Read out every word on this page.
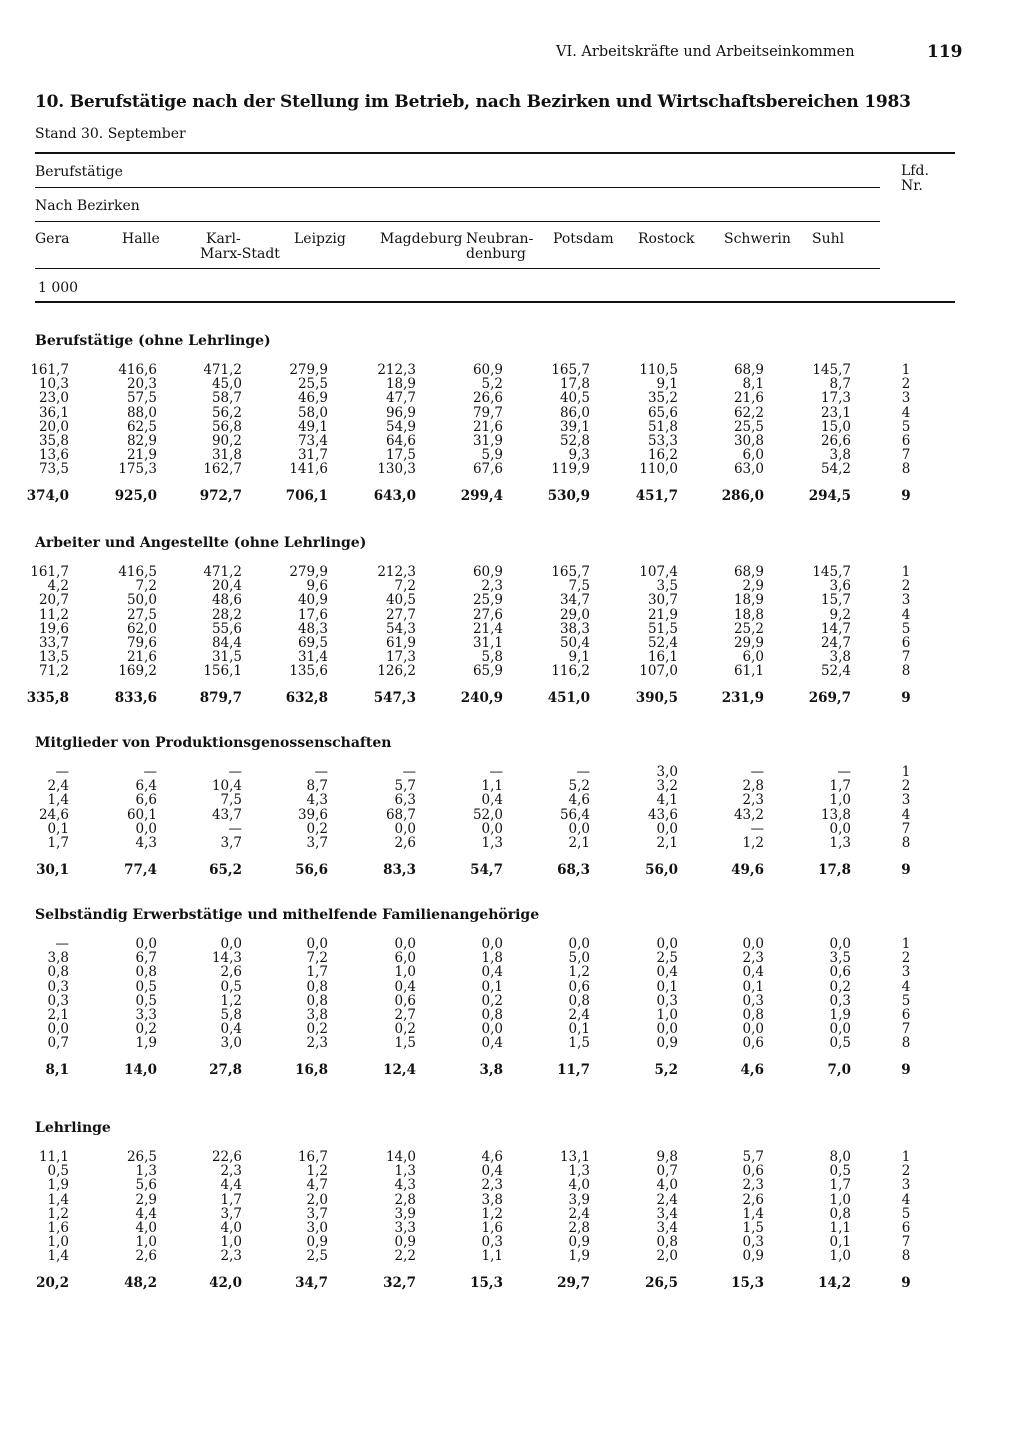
VI. Arbeitskräfte und Arbeitseinkommen	119
10. Berufstätige nach der Stellung im Betrieb, nach Bezirken und Wirtschaftsbereichen 1983
Stand 30. September
Berufstätige	Lfd.
Nr.
Nach Bezirken
Gera	Halle	Karl-
Marx-Stadt
Leipzig Magdeburg Neubran-
denburg
Potsdam Rostock Schwerin Suhl
1 000
Berufstätige (ohne Lehrlinge)
161,7	416,6	471,2	279,9	212,3	60,9	165,7	110,5	68,9	145,7	1
10,3	20,3	45,0	25,5	18,9	5,2	17,8	9,1	8,1	8,7	2
23,0	57,5	58,7	46,9	47,7	26,6	40,5	35,2	21,6	17,3	3
36,1	88,0	56,2	58,0	96,9	79,7	86,0	65,6	62,2	23,1	4
20,0	62,5	56,8	49,1	54,9	21,6	39,1	51,8	25,5	15,0	5
35,8	82,9	90,2	73,4	64,6	31,9	52,8	53,3	30,8	26,6	6
13,6	21,9	31,8	31,7	17,5	5,9	9,3	16,2	6,0	3,8	7
73,5	175,3	162,7	141,6	130,3	67,6	119,9	110,0	63,0	54,2	8
374,0	925,0	972,7	706,1	643,0	299,4	530,9	451,7	286,0	294,5	9
Arbeiter und Angestellte (ohne Lehrlinge)
161,7	416,5	471,2	279,9	212,3	60,9	165,7	107,4	68,9	145,7	1
4,2	7,2	20,4	9,6	7,2	2,3	7,5	3,5	2,9	3,6	2
20,7	50,0	48,6	40,9	40,5	25,9	34,7	30,7	18,9	15,7	3
11,2	27,5	28,2	17,6	27,7	27,6	29,0	21,9	18,8	9,2	4
19,6	62,0	55,6	48,3	54,3	21,4	38,3	51,5	25,2	14,7	5
33,7	79,6	84,4	69,5	61,9	31,1	50,4	52,4	29,9	24,7	6
13,5	21,6	31,5	31,4	17,3	5,8	9,1	16,1	6,0	3,8	7
71,2	169,2	156,1	135,6	126,2	65,9	116,2	107,0	61,1	52,4	8
335,8	833,6	879,7	632,8	547,3	240,9	451,0	390,5	231,9	269,7	9
Mitglieder von Produktionsgenossenschaften
—	—	—	—	—	—	—	3,0	—	—	1
2,4	6,4	10,4	8,7	5,7	1,1	5,2	3,2	2,8	1,7	2
1,4	6,6	7,5	4,3	6,3	0,4	4,6	4,1	2,3	1,0	3
24,6	60,1	43,7	39,6	68,7	52,0	56,4	43,6	43,2	13,8	4
0,1	0,0	—	0,2	0,0	0,0	0,0	0,0	—	0,0	7
1,7	4,3	3,7	3,7	2,6	1,3	2,1	2,1	1,2	1,3	8
30,1	77,4	65,2	56,6	83,3	54,7	68,3	56,0	49,6	17,8	9
Selbständig Erwerbstätige und mithelfende Familienangehörige
—	0,0	0,0	0,0	0,0	0,0	0,0	0,0	0,0	0,0	1
3,8	6,7	14,3	7,2	6,0	1,8	5,0	2,5	2,3	3,5	2
0,8	0,8	2,6	1,7	1,0	0,4	1,2	0,4	0,4	0,6	3
0,3	0,5	0,5	0,8	0,4	0,1	0,6	0,1	0,1	0,2	4
0,3	0,5	1,2	0,8	0,6	0,2	0,8	0,3	0,3	0,3	5
2,1	3,3	5,8	3,8	2,7	0,8	2,4	1,0	0,8	1,9	6
0,0	0,2	0,4	0,2	0,2	0,0	0,1	0,0	0,0	0,0	7
0,7	1,9	3,0	2,3	1,5	0,4	1,5	0,9	0,6	0,5	8
8,1	14,0	27,8	16,8	12,4	3,8	11,7	5,2	4,6	7,0	9
Lehrlinge
11,1	26,5	22,6	16,7	14,0	4,6	13,1	9,8	5,7	8,0	1
0,5	1,3	2,3	1,2	1,3	0,4	1,3	0,7	0,6	0,5	2
1,9	5,6	4,4	4,7	4,3	2,3	4,0	4,0	2,3	1,7	3
1,4	2,9	1,7	2,0	2,8	3,8	3,9	2,4	2,6	1,0	4
1,2	4,4	3,7	3,7	3,9	1,2	2,4	3,4	1,4	0,8	5
1,6	4,0	4,0	3,0	3,3	1,6	2,8	3,4	1,5	1,1	6
1,0	1,0	1,0	0,9	0,9	0,3	0,9	0,8	0,3	0,1	7
1,4	2,6	2,3	2,5	2,2	1,1	1,9	2,0	0,9	1,0	8
20,2	48,2	42,0	34,7	32,7	15,3	29,7	26,5	15,3	14,2	9
